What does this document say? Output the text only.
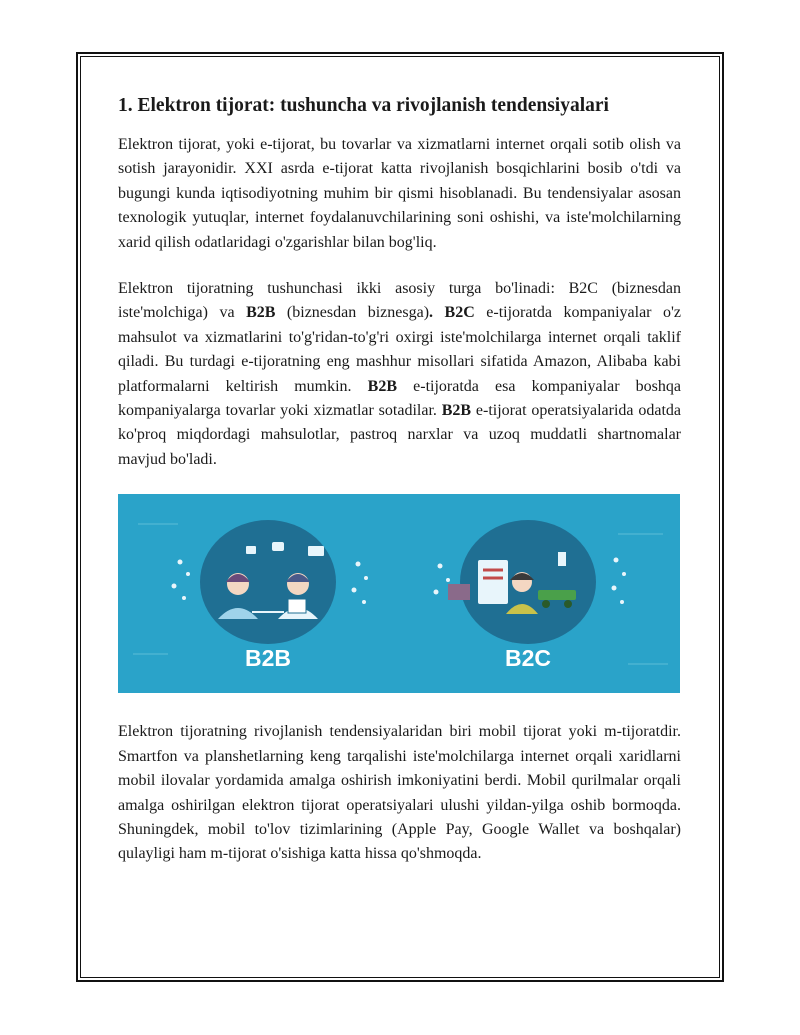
1. Elektron tijorat: tushuncha va rivojlanish tendensiyalari

Elektron tijorat, yoki e-tijorat, bu tovarlar va xizmatlarni internet orqali sotib olish va sotish jarayonidir. XXI asrda e-tijorat katta rivojlanish bosqichlarini bosib o'tdi va bugungi kunda iqtisodiyotning muhim bir qismi hisoblanadi. Bu tendensiyalar asosan texnologik yutuqlar, internet foydalanuvchilarining soni oshishi, va iste'molchilarning xarid qilish odatlaridagi o'zgarishlar bilan bog'liq.

Elektron tijoratning tushunchasi ikki asosiy turga bo'linadi: B2C (biznesdan iste'molchiga) va B2B (biznesdan biznesga). B2C e-tijoratda kompaniyalar o'z mahsulot va xizmatlarini to'g'ridan-to'g'ri oxirgi iste'molchilarga internet orqali taklif qiladi. Bu turdagi e-tijoratning eng mashhur misollari sifatida Amazon, Alibaba kabi platformalarni keltirish mumkin. B2B e-tijoratda esa kompaniyalar boshqa kompaniyalarga tovarlar yoki xizmatlar sotadilar. B2B e-tijorat operatsiyalarida odatda ko'proq miqdordagi mahsulotlar, pastroq narxlar va uzoq muddatli shartnomalar mavjud bo'ladi.

B2B	B2C

Elektron tijoratning rivojlanish tendensiyalaridan biri mobil tijorat yoki m-tijoratdir. Smartfon va planshetlarning keng tarqalishi iste'molchilarga internet orqali xaridlarni mobil ilovalar yordamida amalga oshirish imkoniyatini berdi. Mobil qurilmalar orqali amalga oshirilgan elektron tijorat operatsiyalari ulushi yildan-yilga oshib bormoqda. Shuningdek, mobil to'lov tizimlarining (Apple Pay, Google Wallet va boshqalar) qulayligi ham m-tijorat o'sishiga katta hissa qo'shmoqda.
